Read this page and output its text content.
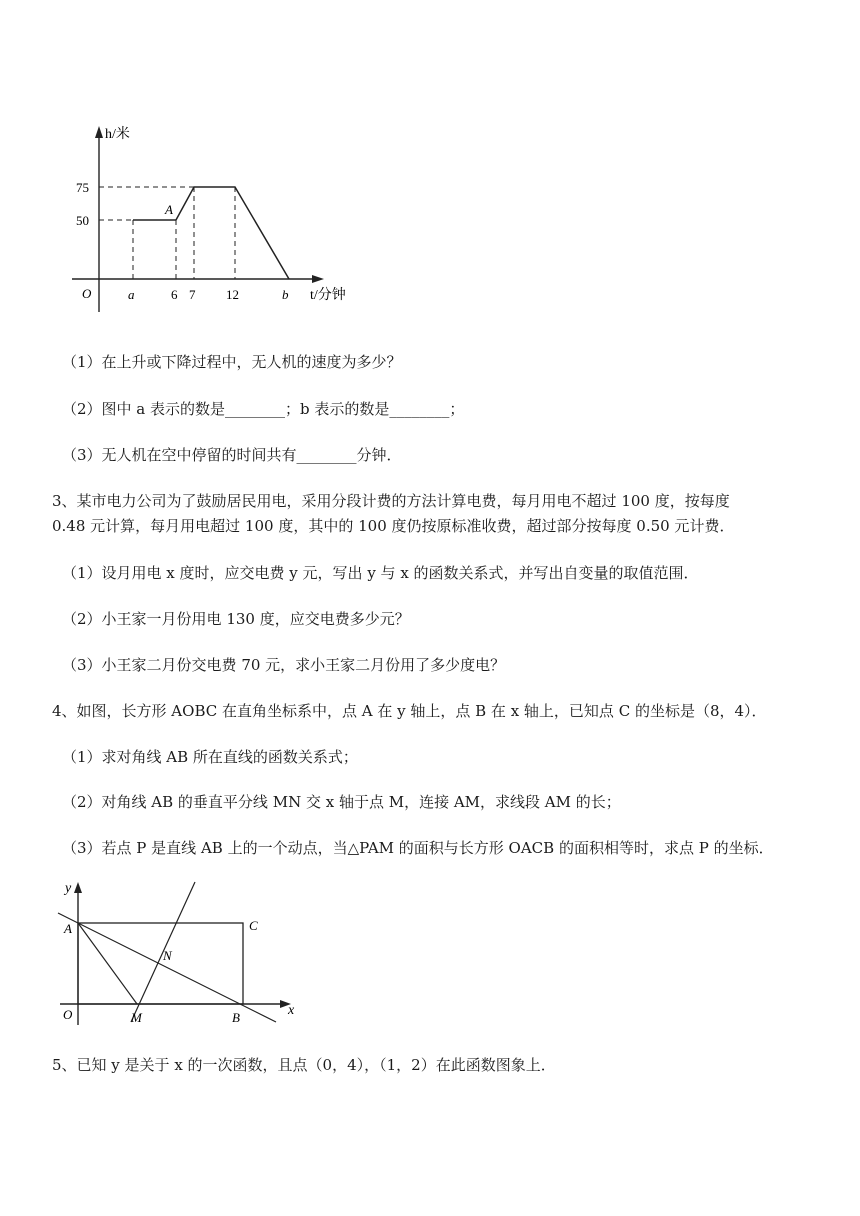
h/米
75
50
A
O	a	6 7 12	b t/分钟
（1）在上升或下降过程中，无人机的速度为多少？
（2）图中 a 表示的数是________；b 表示的数是________；
（3）无人机在空中停留的时间共有________分钟．
3、某市电力公司为了鼓励居民用电，采用分段计费的方法计算电费，每月用电不超过 100 度，按每度
0.48 元计算，每月用电超过 100 度，其中的 100 度仍按原标准收费，超过部分按每度 0.50 元计费．
（1）设月用电 x 度时，应交电费 y 元，写出 y 与 x 的函数关系式，并写出自变量的取值范围．
（2）小王家一月份用电 130 度，应交电费多少元？
（3）小王家二月份交电费 70 元，求小王家二月份用了多少度电？
4、如图，长方形 AOBC 在直角坐标系中，点 A 在 y 轴上，点 B 在 x 轴上，已知点 C 的坐标是（8，4）．
（1）求对角线 AB 所在直线的函数关系式；
（2）对角线 AB 的垂直平分线 MN 交 x 轴于点 M，连接 AM，求线段 AM 的长；
（3）若点 P 是直线 AB 上的一个动点，当△PAM 的面积与长方形 OACB 的面积相等时，求点 P 的坐标．
y
x
A	C
N
O	M	B
5、已知 y 是关于 x 的一次函数，且点（0，4），（1，2）在此函数图象上．
